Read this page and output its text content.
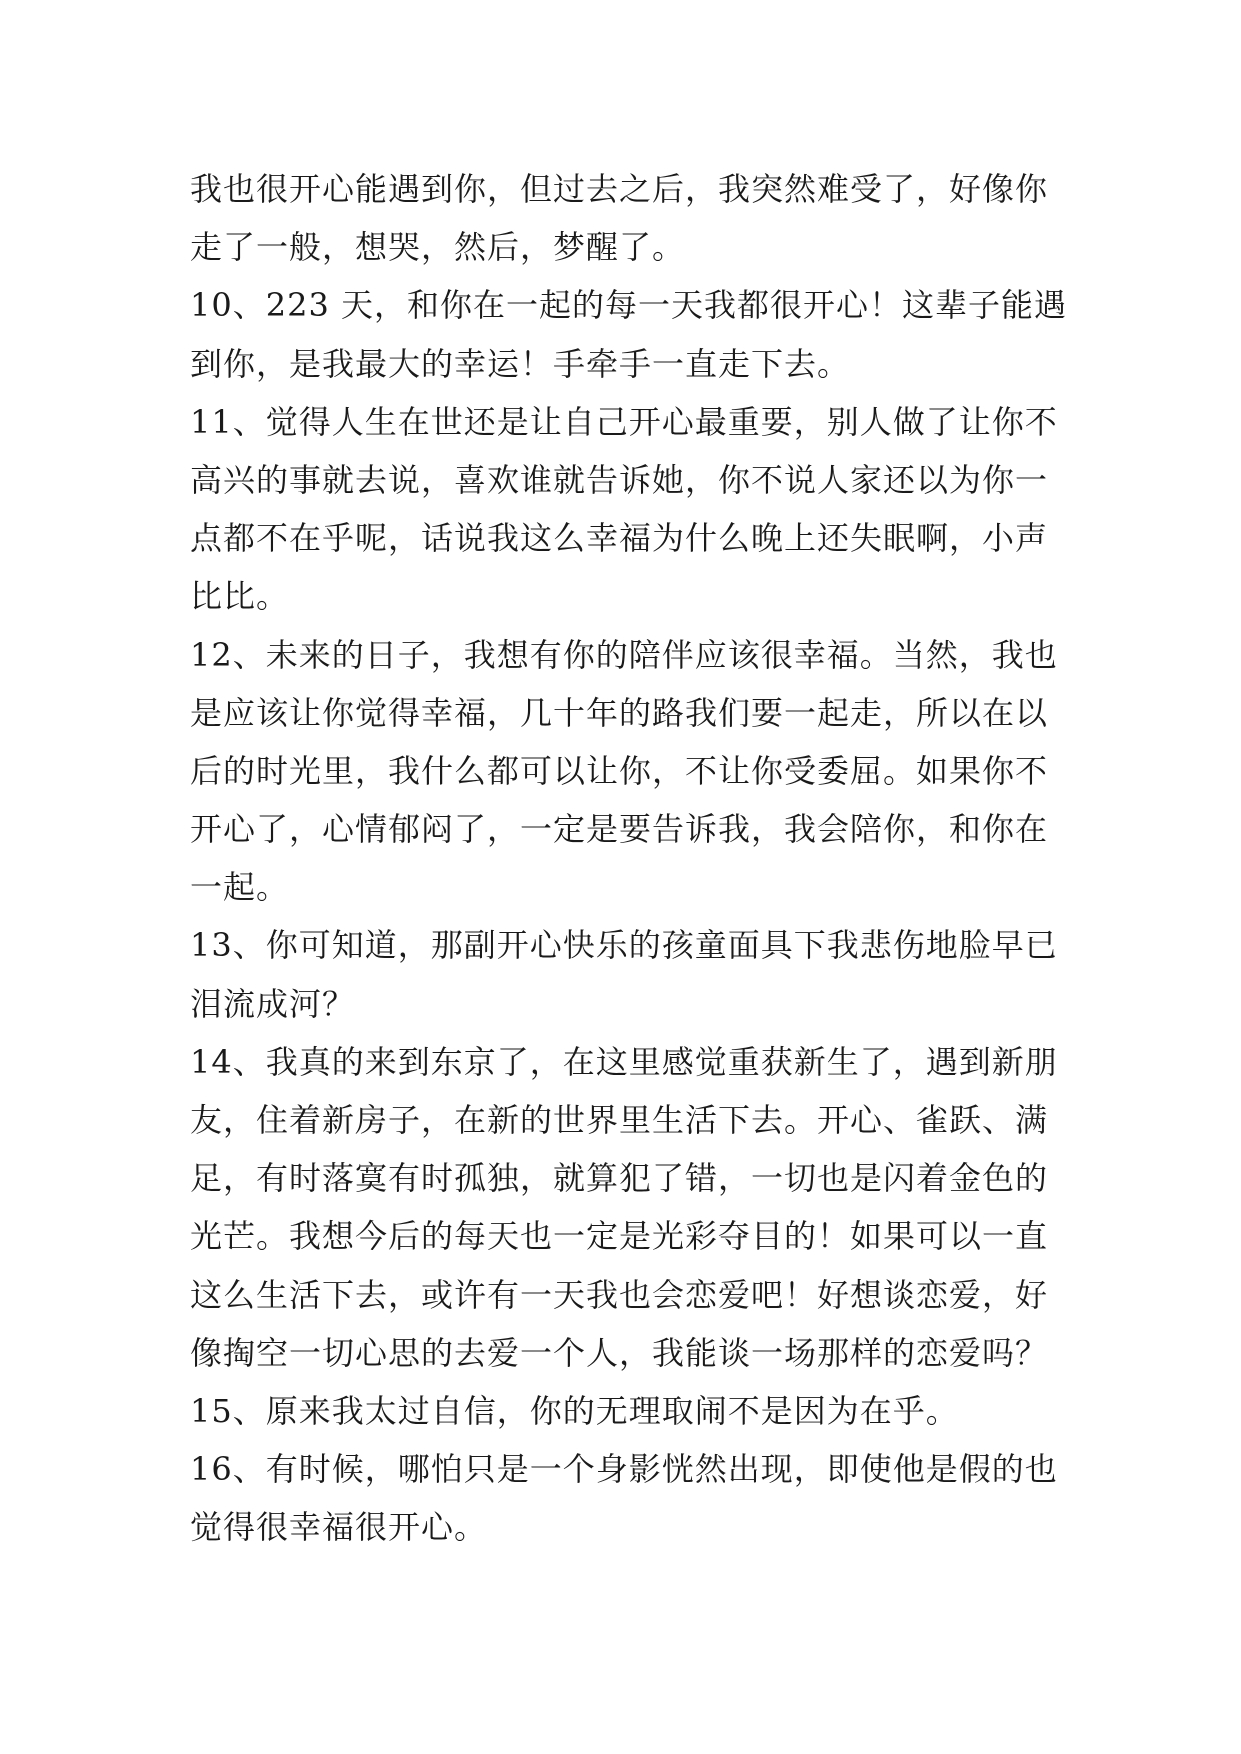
我也很开心能遇到你，但过去之后，我突然难受了，好像你
走了一般，想哭，然后，梦醒了。
10、223 天，和你在一起的每一天我都很开心！这辈子能遇
到你，是我最大的幸运！手牵手一直走下去。
11、觉得人生在世还是让自己开心最重要，别人做了让你不
高兴的事就去说，喜欢谁就告诉她，你不说人家还以为你一
点都不在乎呢，话说我这么幸福为什么晚上还失眠啊，小声
比比。
12、未来的日子，我想有你的陪伴应该很幸福。当然，我也
是应该让你觉得幸福，几十年的路我们要一起走，所以在以
后的时光里，我什么都可以让你，不让你受委屈。如果你不
开心了，心情郁闷了，一定是要告诉我，我会陪你，和你在
一起。
13、你可知道，那副开心快乐的孩童面具下我悲伤地脸早已
泪流成河？
14、我真的来到东京了，在这里感觉重获新生了，遇到新朋
友，住着新房子，在新的世界里生活下去。开心、雀跃、满
足，有时落寞有时孤独，就算犯了错，一切也是闪着金色的
光芒。我想今后的每天也一定是光彩夺目的！如果可以一直
这么生活下去，或许有一天我也会恋爱吧！好想谈恋爱，好
像掏空一切心思的去爱一个人，我能谈一场那样的恋爱吗？
15、原来我太过自信，你的无理取闹不是因为在乎。
16、有时候，哪怕只是一个身影恍然出现，即使他是假的也
觉得很幸福很开心。
